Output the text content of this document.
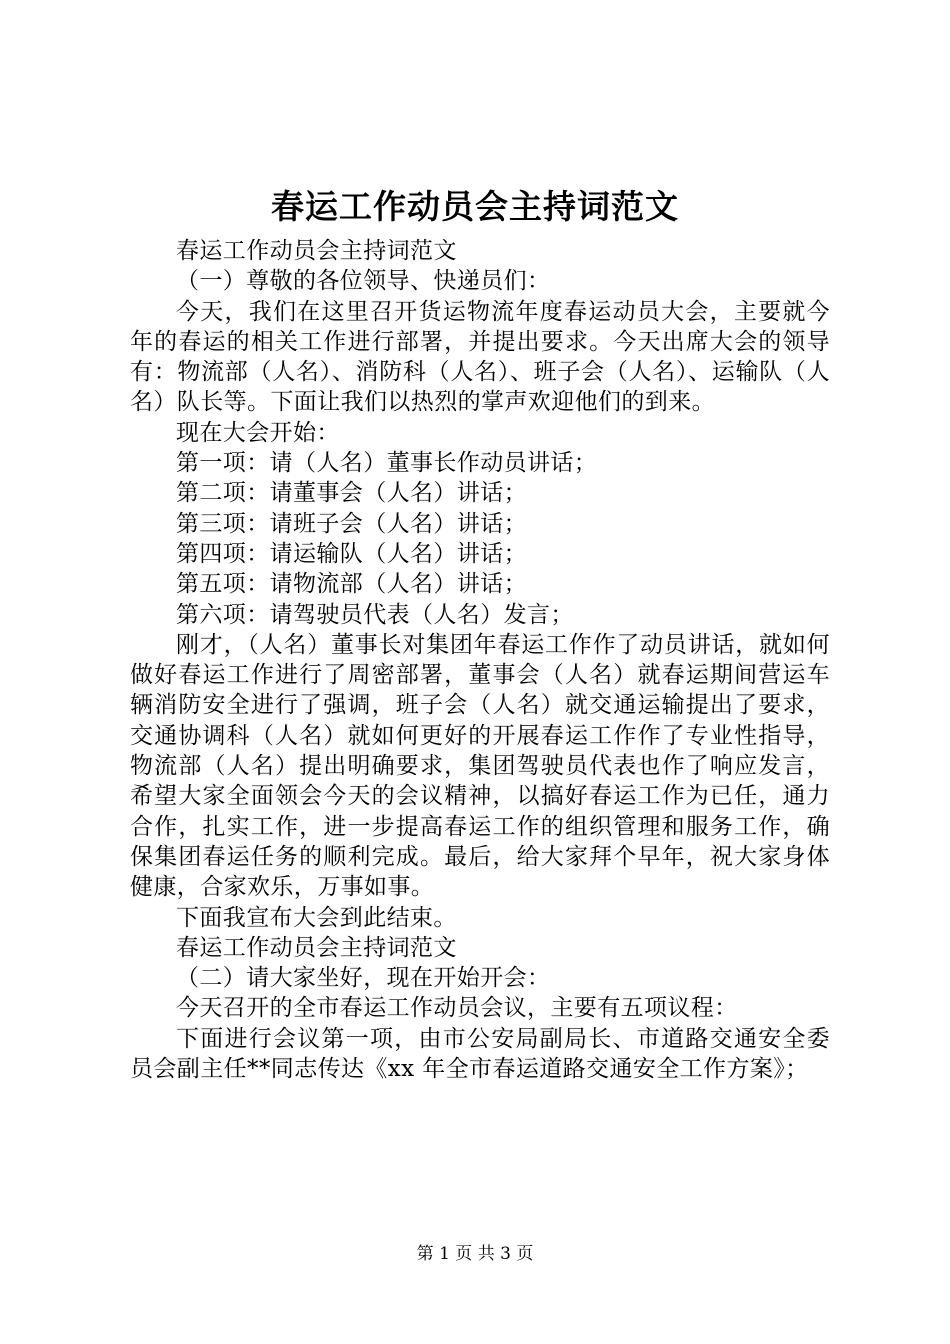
春运工作动员会主持词范文

春运工作动员会主持词范文

（一）尊敬的各位领导、快递员们：

今天，我们在这里召开货运物流年度春运动员大会，主要就今年的春运的相关工作进行部署，并提出要求。今天出席大会的领导有：物流部（人名）、消防科（人名）、班子会（人名）、运输队（人名）队长等。下面让我们以热烈的掌声欢迎他们的到来。

现在大会开始：

第一项：请（人名）董事长作动员讲话；

第二项：请董事会（人名）讲话；

第三项：请班子会（人名）讲话；

第四项：请运输队（人名）讲话；

第五项：请物流部（人名）讲话；

第六项：请驾驶员代表（人名）发言；

刚才，（人名）董事长对集团年春运工作作了动员讲话，就如何做好春运工作进行了周密部署，董事会（人名）就春运期间营运车辆消防安全进行了强调，班子会（人名）就交通运输提出了要求，交通协调科（人名）就如何更好的开展春运工作作了专业性指导，物流部（人名）提出明确要求，集团驾驶员代表也作了响应发言，希望大家全面领会今天的会议精神，以搞好春运工作为已任，通力合作，扎实工作，进一步提高春运工作的组织管理和服务工作，确保集团春运任务的顺利完成。最后，给大家拜个早年，祝大家身体健康，合家欢乐，万事如事。

下面我宣布大会到此结束。

春运工作动员会主持词范文

（二）请大家坐好，现在开始开会：

今天召开的全市春运工作动员会议，主要有五项议程：

下面进行会议第一项，由市公安局副局长、市道路交通安全委员会副主任**同志传达《xx 年全市春运道路交通安全工作方案》；

第 1 页 共 3 页
